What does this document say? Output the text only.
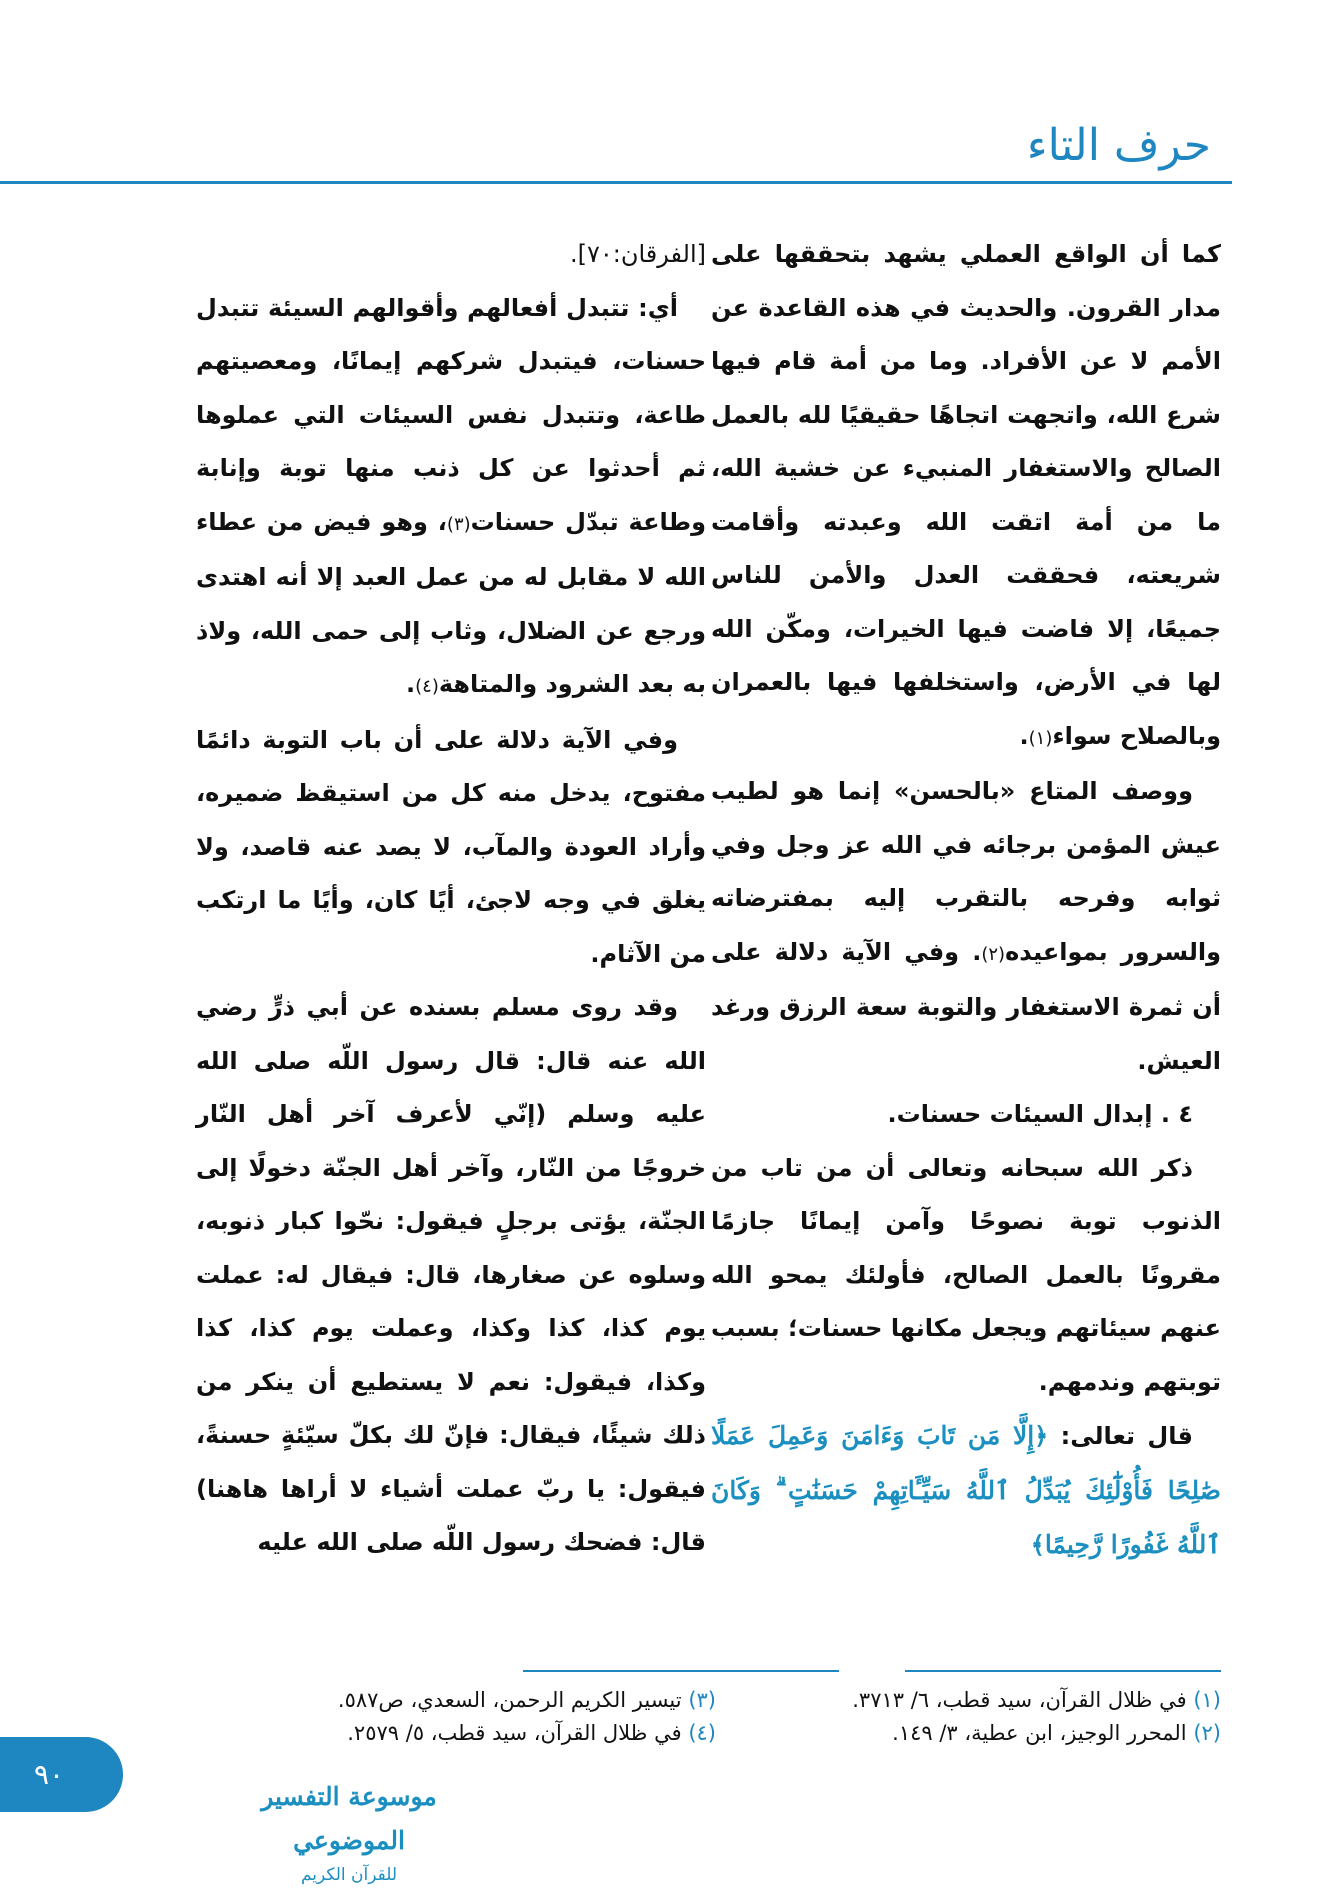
حرف التاء

كما أن الواقع العملي يشهد بتحققها على مدار القرون. والحديث في هذه القاعدة عن الأمم لا عن الأفراد. وما من أمة قام فيها شرع الله، واتجهت اتجاهًا حقيقيًا لله بالعمل الصالح والاستغفار المنبيء عن خشية الله، ما من أمة اتقت الله وعبدته وأقامت شريعته، فحققت العدل والأمن للناس جميعًا، إلا فاضت فيها الخيرات، ومكّن الله لها في الأرض، واستخلفها فيها بالعمران وبالصلاح سواء(١).

ووصف المتاع «بالحسن» إنما هو لطيب عيش المؤمن برجائه في الله عز وجل وفي ثوابه وفرحه بالتقرب إليه بمفترضاته والسرور بمواعيده(٢). وفي الآية دلالة على أن ثمرة الاستغفار والتوبة سعة الرزق ورغد العيش.

٤ . إبدال السيئات حسنات.

ذكر الله سبحانه وتعالى أن من تاب من الذنوب توبة نصوحًا وآمن إيمانًا جازمًا مقرونًا بالعمل الصالح، فأولئك يمحو الله عنهم سيئاتهم ويجعل مكانها حسنات؛ بسبب توبتهم وندمهم.

قال تعالى: ﴿إِلَّا مَن تَابَ وَءَامَنَ وَعَمِلَ عَمَلًا صَٰلِحًا فَأُوْلَٰٓئِكَ يُبَدِّلُ ٱللَّهُ سَيِّـَٔاتِهِمْ حَسَنَٰتٍ ۗ وَكَانَ ٱللَّهُ غَفُورًا رَّحِيمًا﴾

[الفرقان:٧٠].

أي: تتبدل أفعالهم وأقوالهم السيئة تتبدل حسنات، فيتبدل شركهم إيمانًا، ومعصيتهم طاعة، وتتبدل نفس السيئات التي عملوها ثم أحدثوا عن كل ذنب منها توبة وإنابة وطاعة تبدّل حسنات(٣)، وهو فيض من عطاء الله لا مقابل له من عمل العبد إلا أنه اهتدى ورجع عن الضلال، وثاب إلى حمى الله، ولاذ به بعد الشرود والمتاهة(٤).

وفي الآية دلالة على أن باب التوبة دائمًا مفتوح، يدخل منه كل من استيقظ ضميره، وأراد العودة والمآب، لا يصد عنه قاصد، ولا يغلق في وجه لاجئ، أيًا كان، وأيًا ما ارتكب من الآثام.

وقد روى مسلم بسنده عن أبي ذرٍّ رضي الله عنه قال: قال رسول اللّه صلى الله عليه وسلم (إنّي لأعرف آخر أهل النّار خروجًا من النّار، وآخر أهل الجنّة دخولًا إلى الجنّة، يؤتى برجلٍ فيقول: نحّوا كبار ذنوبه، وسلوه عن صغارها، قال: فيقال له: عملت يوم كذا، كذا وكذا، وعملت يوم كذا، كذا وكذا، فيقول: نعم لا يستطيع أن ينكر من ذلك شيئًا، فيقال: فإنّ لك بكلّ سيّئةٍ حسنةً، فيقول: يا ربّ عملت أشياء لا أراها هاهنا) قال: فضحك رسول اللّه صلى الله عليه

(١) في ظلال القرآن، سيد قطب، ٦/ ٣٧١٣.

(٢) المحرر الوجيز، ابن عطية، ٣/ ١٤٩.

(٣) تيسير الكريم الرحمن، السعدي، ص٥٨٧.

(٤) في ظلال القرآن، سيد قطب، ٥/ ٢٥٧٩.

٩٠
موسوعة التفسير الموضوعي
للقرآن الكريم
